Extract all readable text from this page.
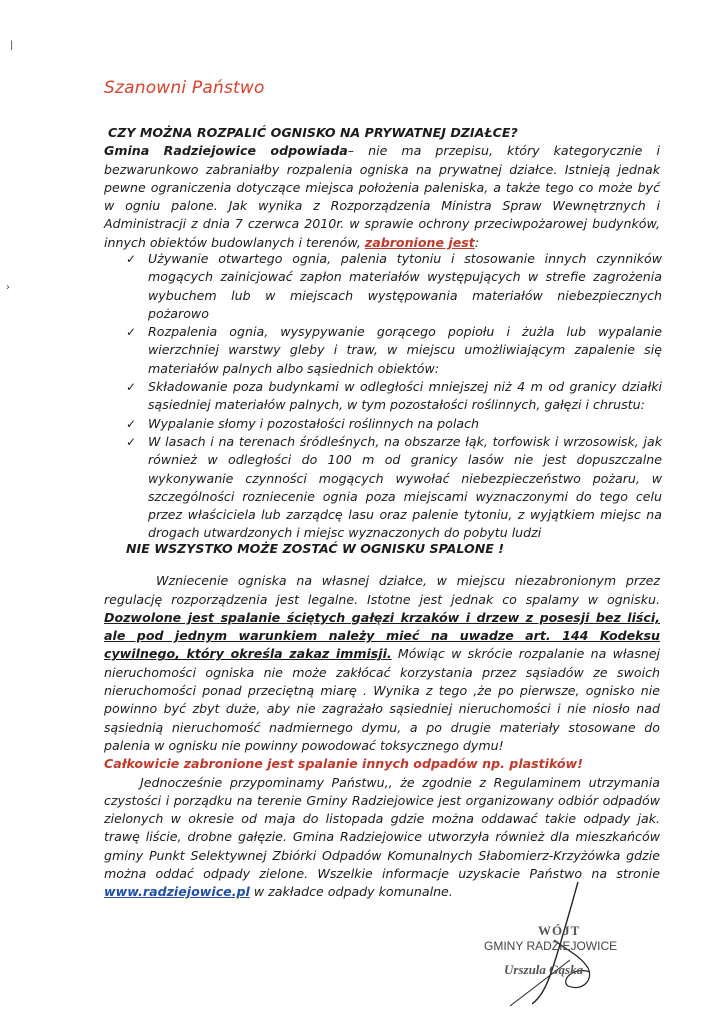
|
›
Szanowni Państwo
CZY MOŻNA ROZPALIĆ OGNISKO NA PRYWATNEJ DZIAŁCE?
Gmina Radziejowice odpowiada– nie ma przepisu, który kategorycznie i bezwarunkowo zabraniałby rozpalenia ogniska na prywatnej działce. Istnieją jednak pewne ograniczenia dotyczące miejsca położenia paleniska, a także tego co może być w ogniu palone. Jak wynika z Rozporządzenia Ministra Spraw Wewnętrznych i Administracji z dnia 7 czerwca 2010r. w sprawie ochrony przeciwpożarowej budynków, innych obiektów budowlanych i terenów, zabronione jest:
✓ Używanie otwartego ognia, palenia tytoniu i stosowanie innych czynników mogących zainicjować zapłon materiałów występujących w strefie zagrożenia wybuchem lub w miejscach występowania materiałów niebezpiecznych pożarowo
✓ Rozpalenia ognia, wysypywanie gorącego popiołu i żużla lub wypalanie wierzchniej warstwy gleby i traw, w miejscu umożliwiającym zapalenie się materiałów palnych albo sąsiednich obiektów:
✓ Składowanie poza budynkami w odległości mniejszej niż 4 m od granicy działki sąsiedniej materiałów palnych, w tym pozostałości roślinnych, gałęzi i chrustu:
✓ Wypalanie słomy i pozostałości roślinnych na polach
✓ W lasach i na terenach śródleśnych, na obszarze łąk, torfowisk i wrzosowisk, jak również w odległości do 100 m od granicy lasów nie jest dopuszczalne wykonywanie czynności mogących wywołać niebezpieczeństwo pożaru, w szczególności rozniecenie ognia poza miejscami wyznaczonymi do tego celu przez właściciela lub zarządcę lasu oraz palenie tytoniu, z wyjątkiem miejsc na drogach utwardzonych i miejsc wyznaczonych do pobytu ludzi
NIE WSZYSTKO MOŻE ZOSTAĆ W OGNISKU SPALONE !
Wzniecenie ogniska na własnej działce, w miejscu niezabronionym przez regulację rozporządzenia jest legalne. Istotne jest jednak co spalamy w ognisku. Dozwolone jest spalanie ściętych gałęzi krzaków i drzew z posesji bez liści, ale pod jednym warunkiem należy mieć na uwadze art. 144 Kodeksu cywilnego, który określa zakaz immisji. Mówiąc w skrócie rozpalanie na własnej nieruchomości ogniska nie może zakłócać korzystania przez sąsiadów ze swoich nieruchomości ponad przeciętną miarę . Wynika z tego ,że po pierwsze, ognisko nie powinno być zbyt duże, aby nie zagrażało sąsiedniej nieruchomości i nie niosło nad sąsiednią nieruchomość nadmiernego dymu, a po drugie materiały stosowane do palenia w ognisku nie powinny powodować toksycznego dymu!
Całkowicie zabronione jest spalanie innych odpadów np. plastików!
Jednocześnie przypominamy Państwu,, że zgodnie z Regulaminem utrzymania czystości i porządku na terenie Gminy Radziejowice jest organizowany odbiór odpadów zielonych w okresie od maja do listopada gdzie można oddawać takie odpady jak. trawę liście, drobne gałęzie. Gmina Radziejowice utworzyła również dla mieszkańców gminy Punkt Selektywnej Zbiórki Odpadów Komunalnych Słabomierz-Krzyżówka gdzie można oddać odpady zielone. Wszelkie informacje uzyskacie Państwo na stronie www.radziejowice.pl w zakładce odpady komunalne.
WÓJT
GMINY RADZIEJOWICE
Urszula Gąska
